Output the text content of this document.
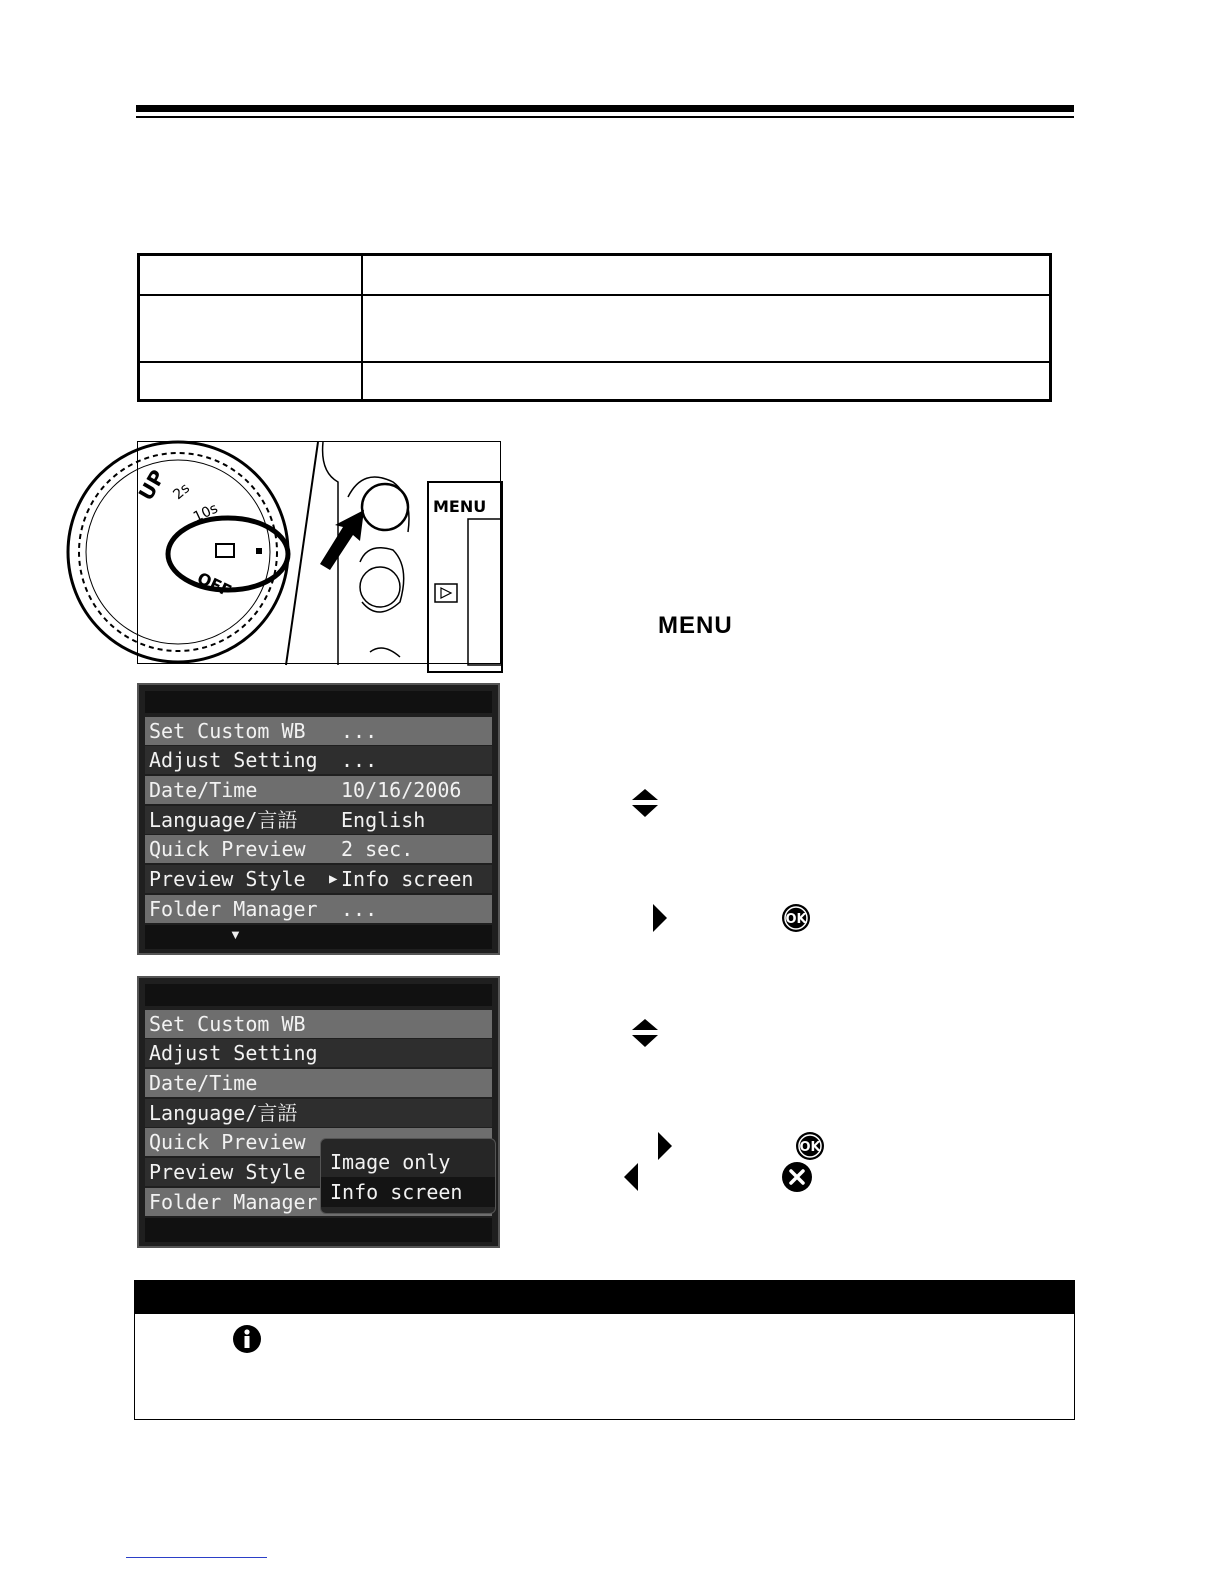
UP 2s
10s
OFF
MENU
MENU
Set Custom WB ...
Adjust Setting ...
Date/Time	10/16/2006
Language/言語 English
Quick Preview 2 sec.
Preview Style ▶ Info screen
Folder Manager ...
▼
OK
Set Custom WB
Adjust Setting
Date/Time
Language/言語
Quick Preview
Preview Style
Folder Manager
Image only
Info screen
OK
